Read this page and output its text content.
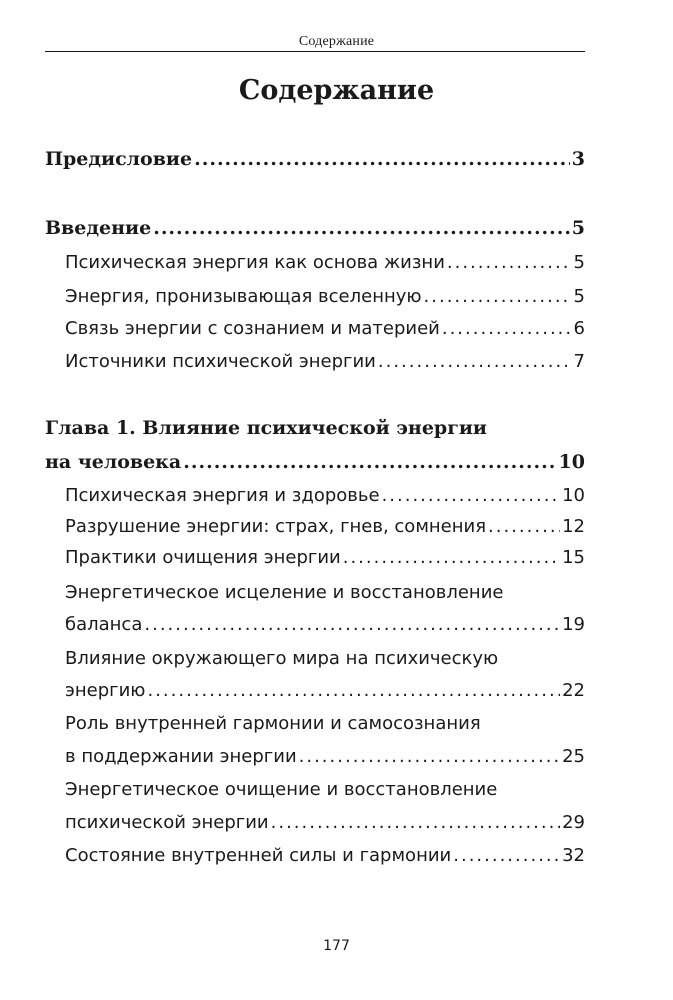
Содержание
Содержание
Предисловие .....	3
Введение .....	5
Психическая энергия как основа жизни .....	5
Энергия, пронизывающая вселенную .....	5
Связь энергии с сознанием и материей .....	6
Источники психической энергии .....	7
Глава 1. Влияние психической энергии
на человека .....	10
Психическая энергия и здоровье .....	10
Разрушение энергии: страх, гнев, сомнения .....	12
Практики очищения энергии .....	15
Энергетическое исцеление и восстановление
баланса .....	19
Влияние окружающего мира на психическую
энергию .....	22
Роль внутренней гармонии и самосознания
в поддержании энергии .....	25
Энергетическое очищение и восстановление
психической энергии .....	29
Состояние внутренней силы и гармонии .....	32
177
